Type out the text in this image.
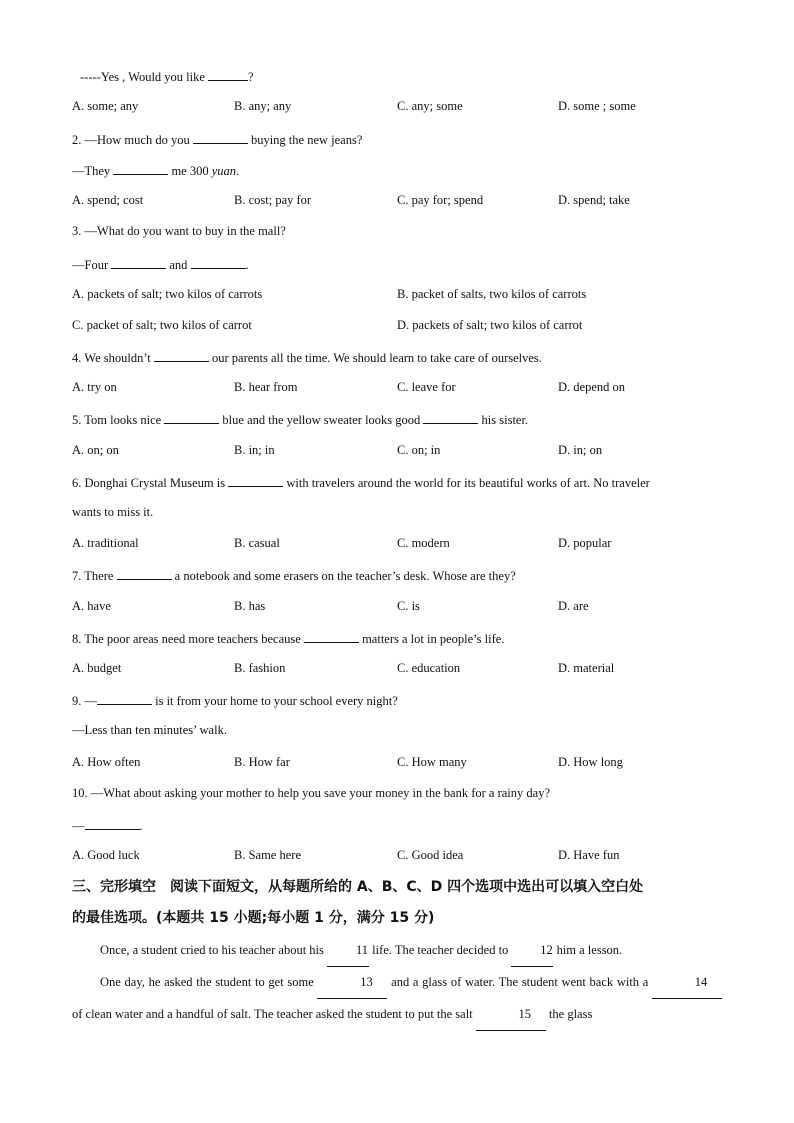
-----Yes , Would you like	?
A. some; any	B. any; any	C. any; some	D. some ; some
2. —How much do you	buying the new jeans?
—They	me 300 yuan.
A. spend; cost	B. cost; pay for	C. pay for; spend	D. spend; take
3. —What do you want to buy in the mall?
—Four	and	.
A. packets of salt; two kilos of carrots	B. packet of salts, two kilos of carrots
C. packet of salt; two kilos of carrot	D. packets of salt; two kilos of carrot
4. We shouldn’t	our parents all the time. We should learn to take care of ourselves.
A. try on	B. hear from	C. leave for	D. depend on
5. Tom looks nice	blue and the yellow sweater looks good	his sister.
A. on; on	B. in; in	C. on; in	D. in; on
6. Donghai Crystal Museum is	with travelers around the world for its beautiful works of art. No traveler
wants to miss it.
A. traditional	B. casual	C. modern	D. popular
7. There	a notebook and some erasers on the teacher’s desk. Whose are they?
A. have	B. has	C. is	D. are
8. The poor areas need more teachers because	matters a lot in people’s life.
A. budget	B. fashion	C. education	D. material
9. —	is it from your home to your school every night?
—Less than ten minutes’ walk.
A. How often	B. How far	C. How many	D. How long
10. —What about asking your mother to help you save your money in the bank for a rainy day?
—	.
A. Good luck	B. Same here	C. Good idea	D. Have fun
三、完形填空　阅读下面短文，从每题所给的 A、B、C、D 四个选项中选出可以填入空白处
的最佳选项。(本题共 15 小题;每小题 1 分，满分 15 分)

Once, a student cried to his teacher about his	11 life. The teacher decided to	12 him a lesson.

One day, he asked the student to get some	13 and a glass of water. The student went back with a	14 of clean water and a handful of salt. The teacher asked the student to put the salt	15 the glass
